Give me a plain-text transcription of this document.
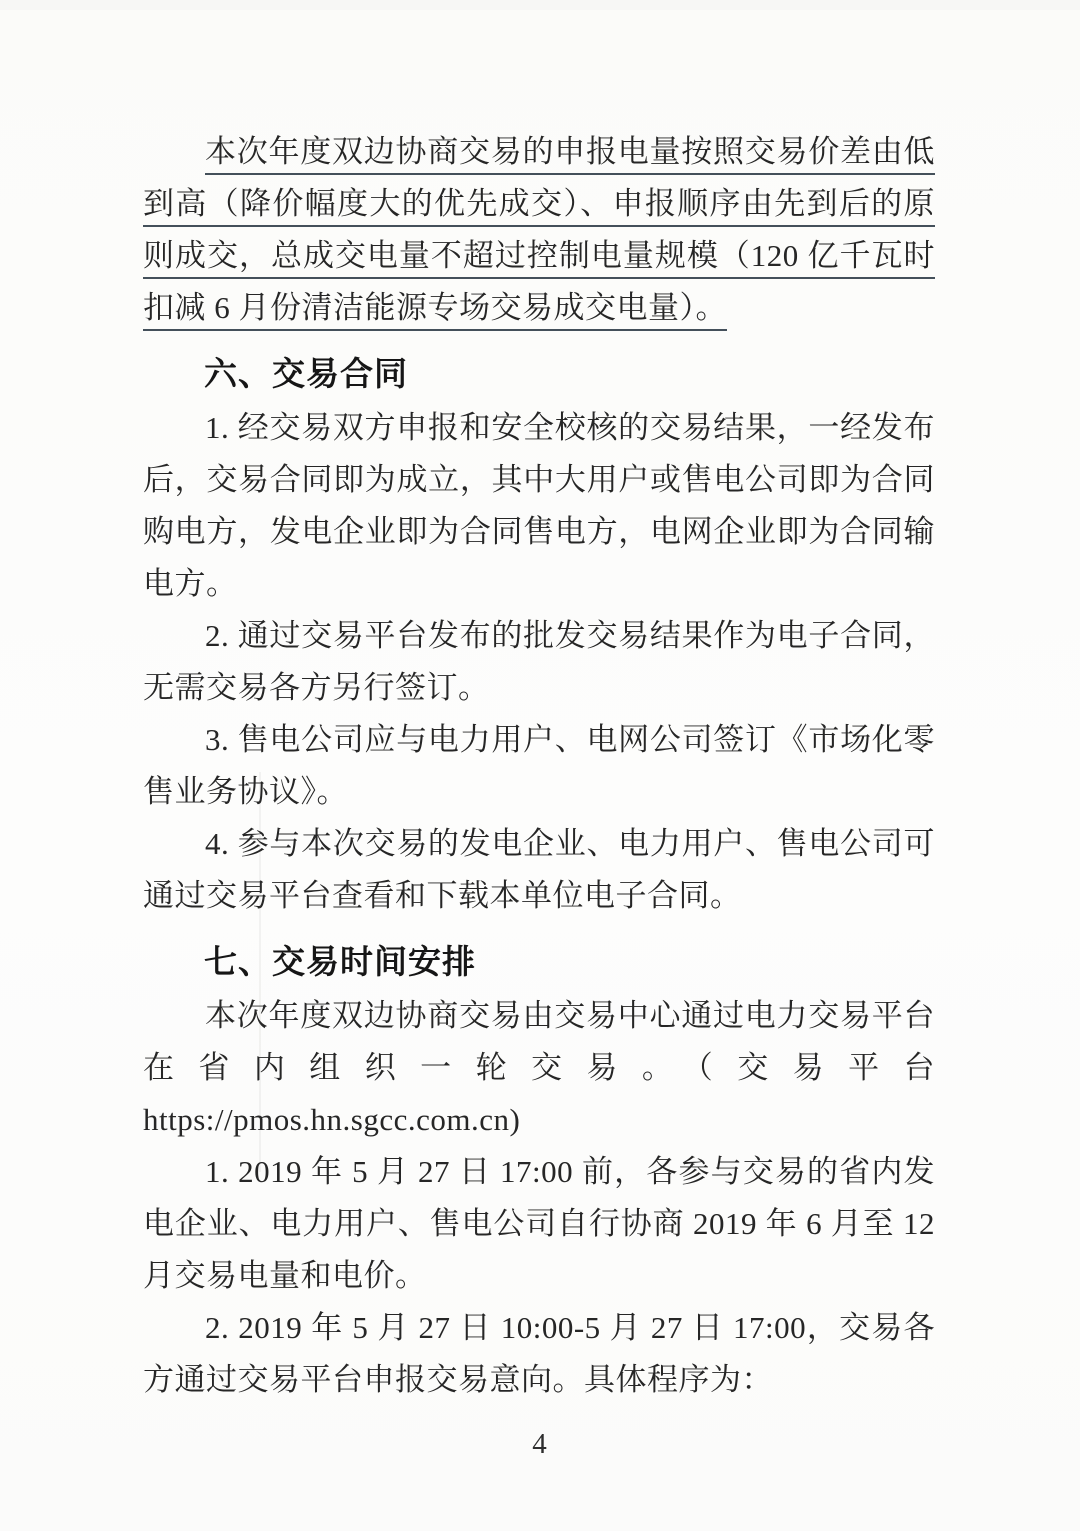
本次年度双边协商交易的申报电量按照交易价差由低到高（降价幅度大的优先成交）、申报顺序由先到后的原则成交，总成交电量不超过控制电量规模（120 亿千瓦时扣减 6 月份清洁能源专场交易成交电量）。

六、交易合同

1. 经交易双方申报和安全校核的交易结果，一经发布后，交易合同即为成立，其中大用户或售电公司即为合同购电方，发电企业即为合同售电方，电网企业即为合同输电方。

2. 通过交易平台发布的批发交易结果作为电子合同，无需交易各方另行签订。

3. 售电公司应与电力用户、电网公司签订《市场化零售业务协议》。

4. 参与本次交易的发电企业、电力用户、售电公司可通过交易平台查看和下载本单位电子合同。

七、交易时间安排

本次年度双边协商交易由交易中心通过电力交易平台在省内组织一轮交易。（交易平台 https://pmos.hn.sgcc.com.cn)

1. 2019 年 5 月 27 日 17:00 前，各参与交易的省内发电企业、电力用户、售电公司自行协商 2019 年 6 月至 12 月交易电量和电价。

2. 2019 年 5 月 27 日 10:00-5 月 27 日 17:00，交易各方通过交易平台申报交易意向。具体程序为：

4
